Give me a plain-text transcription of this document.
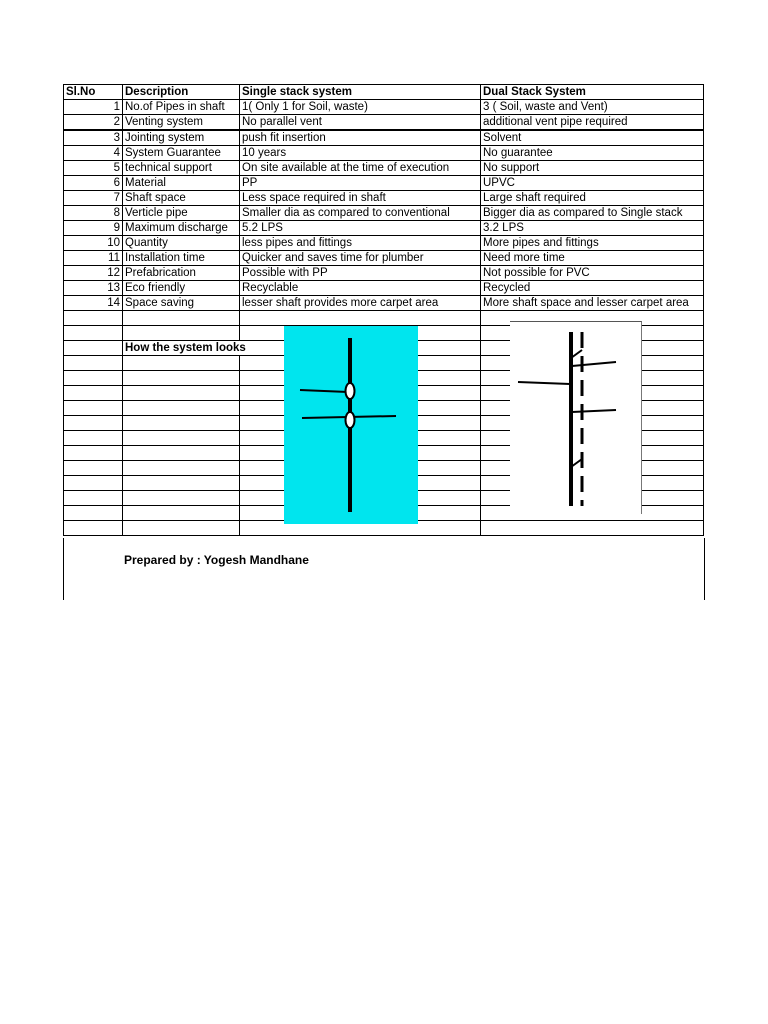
Sl.No	Description	Single stack system	Dual Stack System
1	No.of Pipes in shaft	1( Only 1 for Soil, waste)	3 ( Soil, waste and Vent)
2	Venting system	No parallel vent	additional vent pipe required
3	Jointing system	push fit insertion	Solvent
4	System Guarantee	10 years	No guarantee
5	technical support	On site available at the time of execution	No support
6	Material	PP	UPVC
7	Shaft space	Less space required in shaft	Large shaft required
8	Verticle pipe	Smaller dia as compared to conventional	Bigger dia as compared to Single stack
9	Maximum discharge	5.2 LPS	3.2 LPS
10	Quantity	less pipes and fittings	More pipes and fittings
11	Installation time	Quicker and saves time for plumber	Need more time
12	Prefabrication	Possible with PP	Not possible for PVC
13	Eco friendly	Recyclable	Recycled
14	Space saving	lesser shaft provides more carpet area	More shaft space and lesser carpet area

	How the system looks		

Prepared by : Yogesh Mandhane
